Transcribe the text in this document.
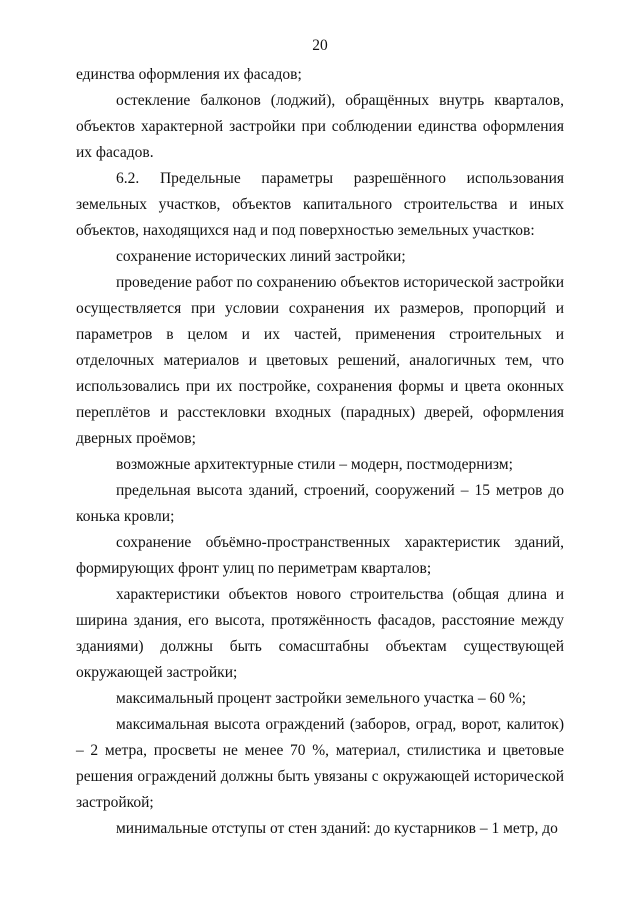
20

единства оформления их фасадов;

остекление балконов (лоджий), обращённых внутрь кварталов, объектов характерной застройки при соблюдении единства оформления их фасадов.

6.2. Предельные параметры разрешённого использования земельных участков, объектов капитального строительства и иных объектов, находящихся над и под поверхностью земельных участков:

сохранение исторических линий застройки;

проведение работ по сохранению объектов исторической застройки осуществляется при условии сохранения их размеров, пропорций и параметров в целом и их частей, применения строительных и отделочных материалов и цветовых решений, аналогичных тем, что использовались при их постройке, сохранения формы и цвета оконных переплётов и расстекловки входных (парадных) дверей, оформления дверных проёмов;

возможные архитектурные стили – модерн, постмодернизм;

предельная высота зданий, строений, сооружений – 15 метров до конька кровли;

сохранение объёмно-пространственных характеристик зданий, формирующих фронт улиц по периметрам кварталов;

характеристики объектов нового строительства (общая длина и ширина здания, его высота, протяжённость фасадов, расстояние между зданиями) должны быть сомасштабны объектам существующей окружающей застройки;

максимальный процент застройки земельного участка – 60 %;

максимальная высота ограждений (заборов, оград, ворот, калиток) – 2 метра, просветы не менее 70 %, материал, стилистика и цветовые решения ограждений должны быть увязаны с окружающей исторической застройкой;

минимальные отступы от стен зданий: до кустарников – 1 метр, до
